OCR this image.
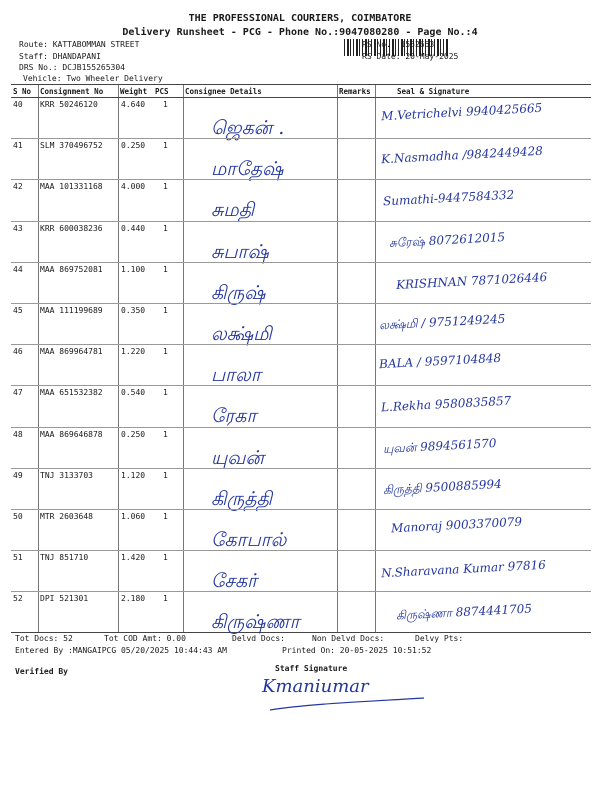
THE PROFESSIONAL COURIERS, COIMBATORE
Delivery Runsheet - PCG - Phone No.:9047080280 - Page No.:4
Route: KATTABOMMAN STREET
Staff: DHANDAPANI
DRS No.: DCJB155265304
Vehicle: Two Wheeler Delivery
RS No.: 1552653
RS Date: 20-May-2025
S No Consignment No Weight PCS Consignee Details	Remarks	Seal & Signature
40 KRR 50246120	4.640 1
ஜெகன் .
M.Vetrichelvi 9940425665
41 SLM 370496752 0.250 1
மாதேஷ்
K.Nasmadha /9842449428
42 MAA 101331168 4.000 1
சுமதி
Sumathi-9447584332
43 KRR 600038236 0.440 1
சுபாஷ்
சுரேஷ் 8072612015
44 MAA 869752081 1.100 1
கிருஷ்
KRISHNAN 7871026446
45 MAA 111199689 0.350 1
லக்ஷ்மி
லக்ஷ்மி / 9751249245
46 MAA 869964781 1.220 1
பாலா
BALA / 9597104848
47 MAA 651532382 0.540 1
ரேகா
L.Rekha 9580835857
48 MAA 869646878 0.250 1
யுவன்
யுவன் 9894561570
49 TNJ 3133703	1.120 1
கிருத்தி
கிருத்தி 9500885994
50 MTR 2603648	1.060 1
கோபால்
Manoraj 9003370079
51 TNJ 851710	1.420 1
சேகர்
N.Sharavana Kumar 97816
52 DPI 521301	2.180 1
கிருஷ்ணா	கிருஷ்ணா 8874441705
Tot Docs: 52	Tot COD Amt: 0.00	Delvd Docs:	Non Delvd Docs:	Delvy Pts:
Entered By :MANGAIPCG 05/20/2025 10:44:43 AM	Printed On: 20-05-2025 10:51:52
Verified By	Staff Signature
Kmaniumar
